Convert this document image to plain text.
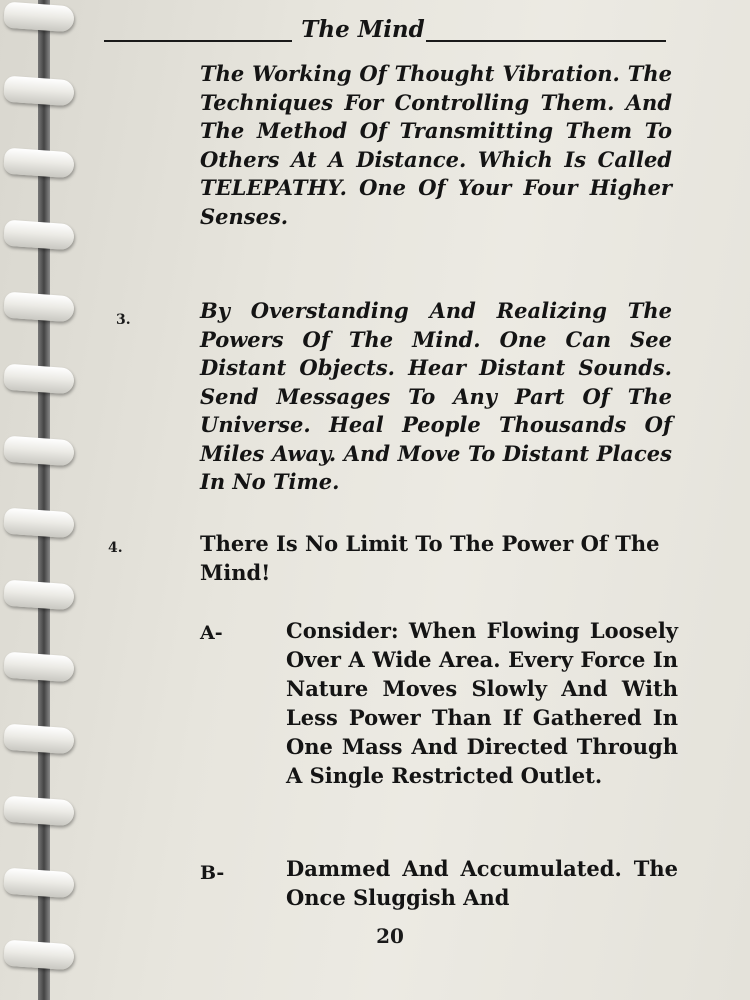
The Mind

The Working Of Thought Vibration. The Techniques For Controlling Them. And The Method Of Transmitting Them To Others At A Distance. Which Is Called TELEPATHY. One Of Your Four Higher Senses.

3.	By Overstanding And Realizing The Powers Of The Mind. One Can See Distant Objects. Hear Distant Sounds. Send Messages To Any Part Of The Universe. Heal People Thousands Of Miles Away. And Move To Distant Places In No Time.

4.	There Is No Limit To The Power Of The Mind!

A-	Consider: When Flowing Loosely Over A Wide Area. Every Force In Nature Moves Slowly And With Less Power Than If Gathered In One Mass And Directed Through A Single Restricted Outlet.

B-	Dammed And Accumulated. The Once Sluggish And

20
